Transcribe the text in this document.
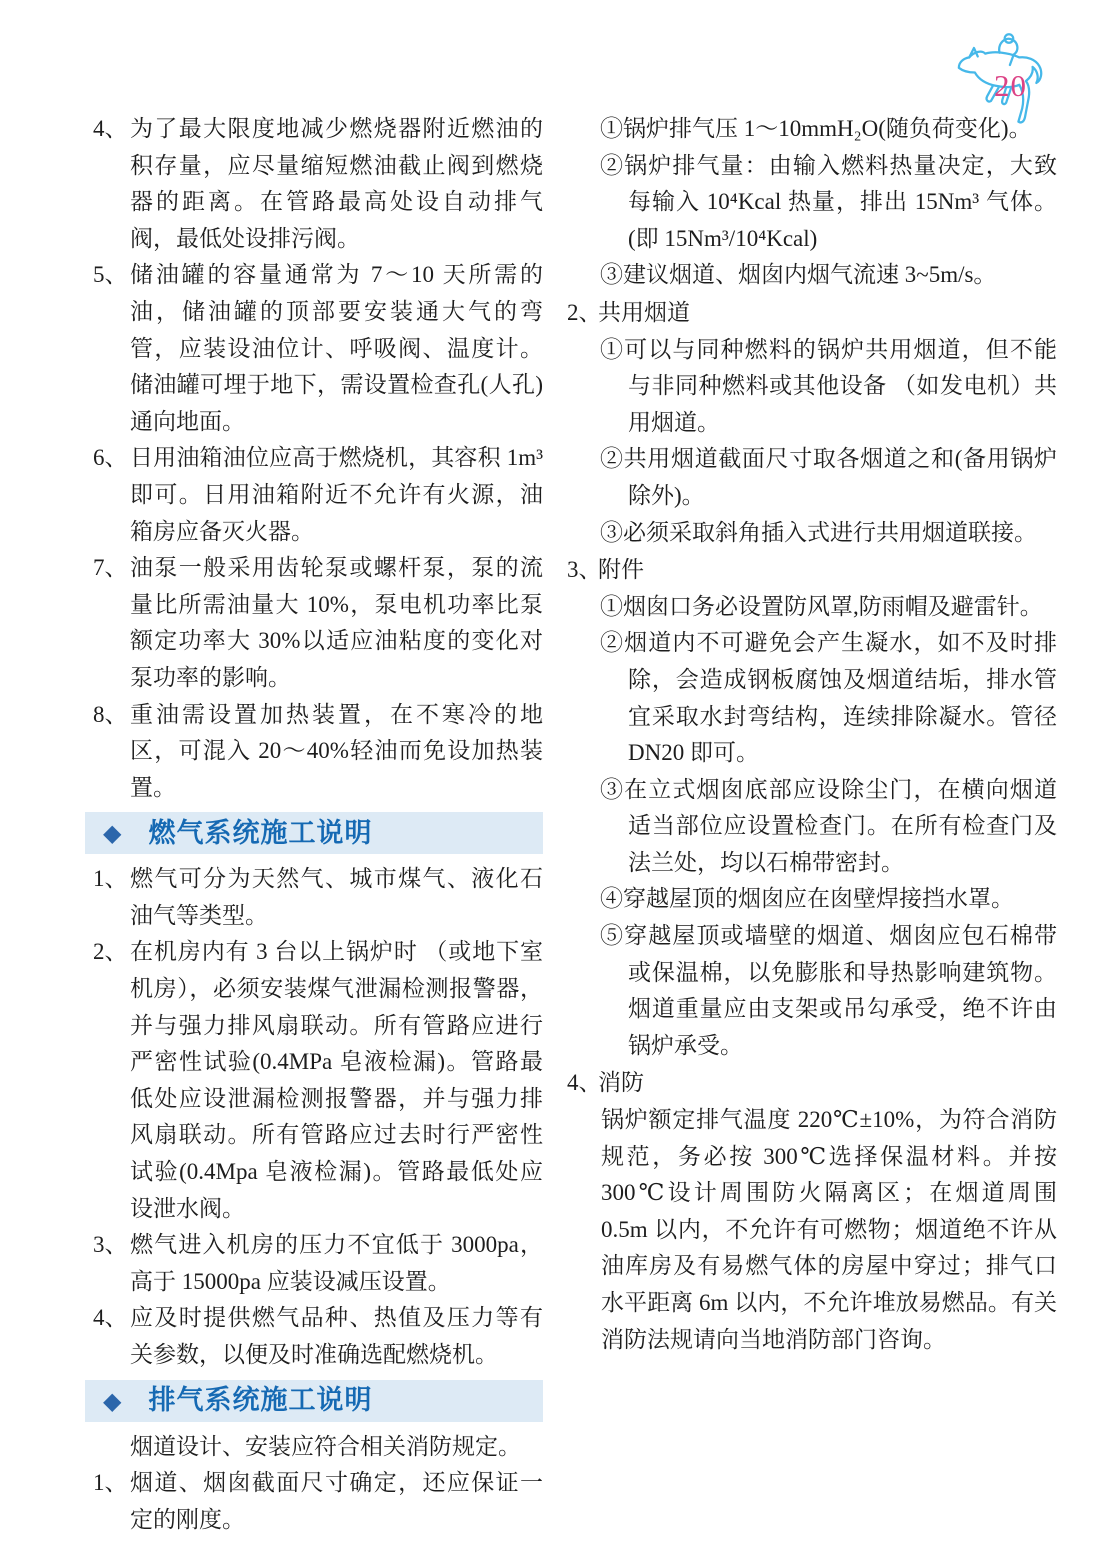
20
4、 为了最大限度地减少燃烧器附近燃油的积存量，应尽量缩短燃油截止阀到燃烧器的距离。在管路最高处设自动排气阀，最低处设排污阀。
5、 储油罐的容量通常为 7～10 天所需的油，储油罐的顶部要安装通大气的弯管，应装设油位计、呼吸阀、温度计。储油罐可埋于地下，需设置检查孔(人孔)通向地面。
6、 日用油箱油位应高于燃烧机，其容积 1m³ 即可。日用油箱附近不允许有火源，油箱房应备灭火器。
7、 油泵一般采用齿轮泵或螺杆泵，泵的流量比所需油量大 10%，泵电机功率比泵额定功率大 30%以适应油粘度的变化对泵功率的影响。
8、 重油需设置加热装置，在不寒冷的地区，可混入 20～40%轻油而免设加热装置。
◆ 燃气系统施工说明
1、 燃气可分为天然气、城市煤气、液化石油气等类型。
2、 在机房内有 3 台以上锅炉时 （或地下室机房），必须安装煤气泄漏检测报警器，并与强力排风扇联动。所有管路应进行严密性试验(0.4MPa 皂液检漏)。管路最低处应设泄漏检测报警器，并与强力排风扇联动。所有管路应过去时行严密性试验(0.4Mpa 皂液检漏)。管路最低处应设泄水阀。
3、 燃气进入机房的压力不宜低于 3000pa，高于 15000pa 应装设减压设置。
4、 应及时提供燃气品种、热值及压力等有关参数，以便及时准确选配燃烧机。
◆ 排气系统施工说明
烟道设计、安装应符合相关消防规定。
1、 烟道、烟囱截面尺寸确定，还应保证一定的刚度。
①锅炉排气压 1～10mmH₂O(随负荷变化)。
②锅炉排气量：由输入燃料热量决定，大致每输入 10⁴Kcal 热量，排出 15Nm³ 气体。(即 15Nm³/10⁴Kcal)
③建议烟道、烟囱内烟气流速 3~5m/s。
2、
共用烟道
①可以与同种燃料的锅炉共用烟道，但不能与非同种燃料或其他设备 （如发电机）共用烟道。
②共用烟道截面尺寸取各烟道之和(备用锅炉除外)。
③必须采取斜角插入式进行共用烟道联接。
3、
附件
①烟囱口务必设置防风罩,防雨帽及避雷针。
②烟道内不可避免会产生凝水，如不及时排除，会造成钢板腐蚀及烟道结垢，排水管宜采取水封弯结构，连续排除凝水。管径 DN20 即可。
③在立式烟囱底部应设除尘门，在横向烟道适当部位应设置检查门。在所有检查门及法兰处，均以石棉带密封。
④穿越屋顶的烟囱应在囱壁焊接挡水罩。
⑤穿越屋顶或墙壁的烟道、烟囱应包石棉带或保温棉，以免膨胀和导热影响建筑物。烟道重量应由支架或吊勾承受，绝不许由锅炉承受。
4、
消防
锅炉额定排气温度 220℃±10%，为符合消防规范，务必按 300℃选择保温材料。并按 300℃设计周围防火隔离区；在烟道周围 0.5m 以内，不允许有可燃物；烟道绝不许从油库房及有易燃气体的房屋中穿过；排气口水平距离 6m 以内，不允许堆放易燃品。有关消防法规请向当地消防部门咨询。
